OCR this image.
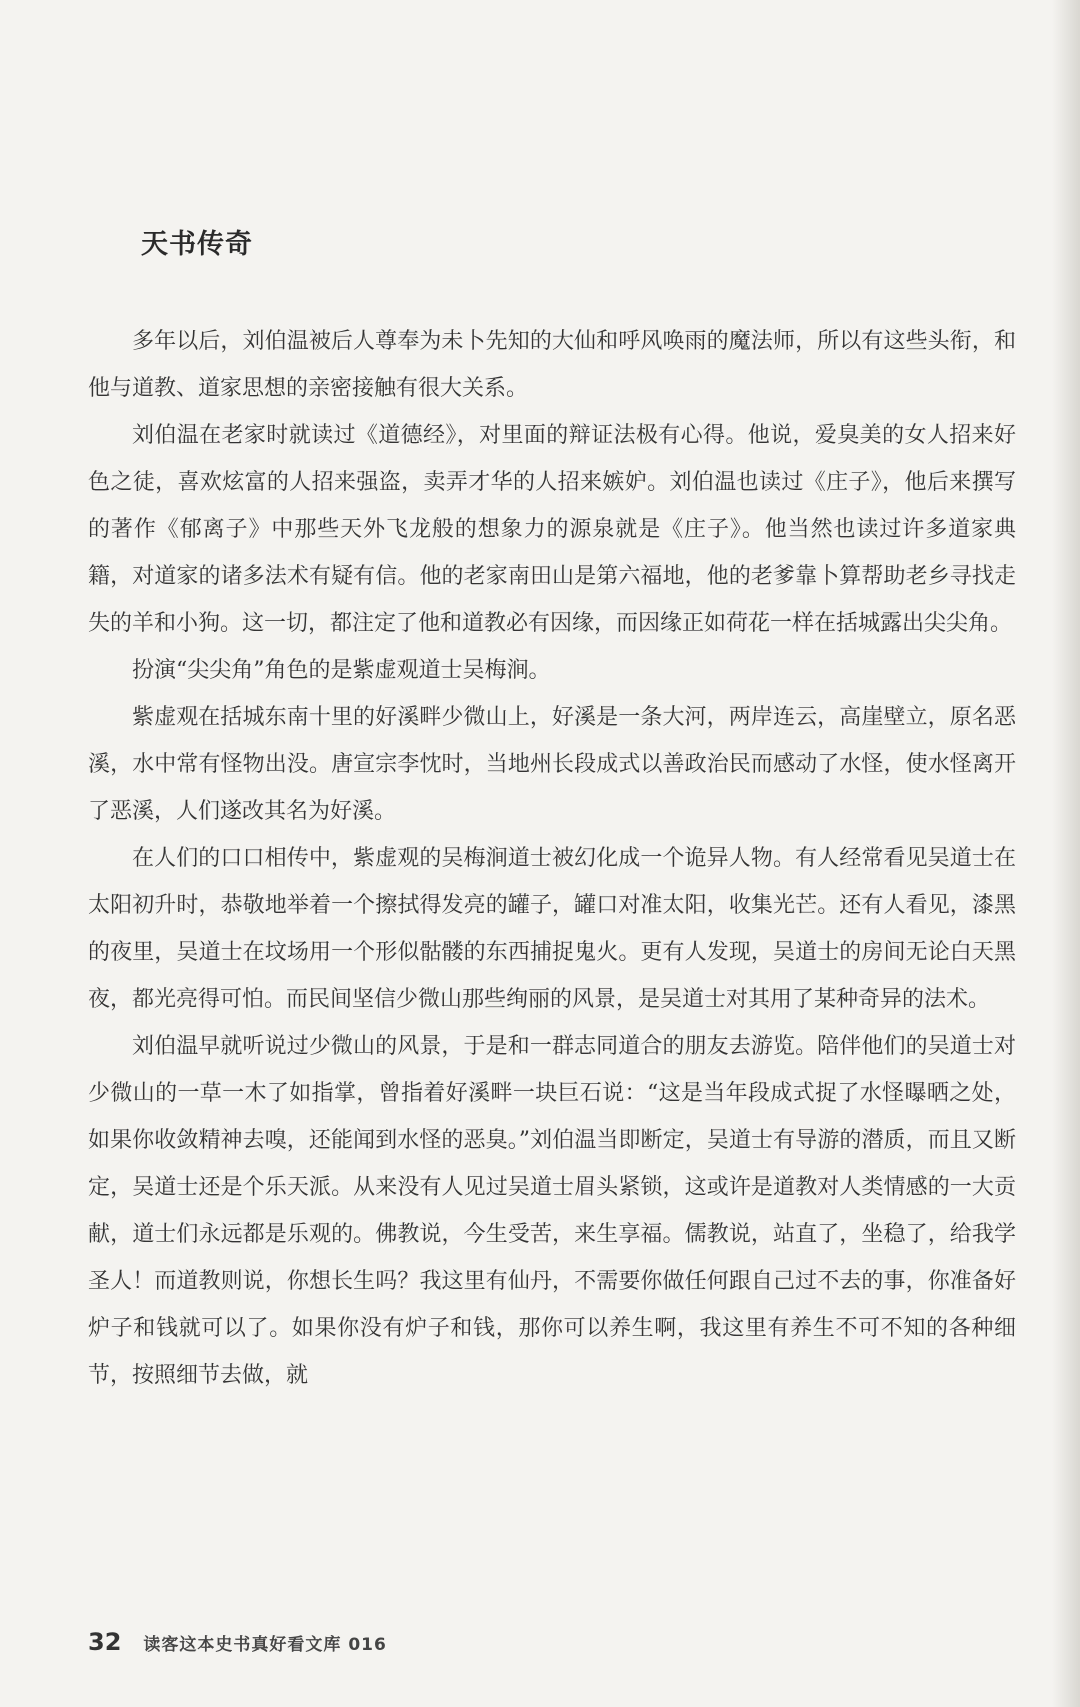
天书传奇

多年以后，刘伯温被后人尊奉为未卜先知的大仙和呼风唤雨的魔法师，所以有这些头衔，和他与道教、道家思想的亲密接触有很大关系。

刘伯温在老家时就读过《道德经》，对里面的辩证法极有心得。他说，爱臭美的女人招来好色之徒，喜欢炫富的人招来强盗，卖弄才华的人招来嫉妒。刘伯温也读过《庄子》，他后来撰写的著作《郁离子》中那些天外飞龙般的想象力的源泉就是《庄子》。他当然也读过许多道家典籍，对道家的诸多法术有疑有信。他的老家南田山是第六福地，他的老爹靠卜算帮助老乡寻找走失的羊和小狗。这一切，都注定了他和道教必有因缘，而因缘正如荷花一样在括城露出尖尖角。

扮演“尖尖角”角色的是紫虚观道士吴梅涧。

紫虚观在括城东南十里的好溪畔少微山上，好溪是一条大河，两岸连云，高崖壁立，原名恶溪，水中常有怪物出没。唐宣宗李忱时，当地州长段成式以善政治民而感动了水怪，使水怪离开了恶溪，人们遂改其名为好溪。

在人们的口口相传中，紫虚观的吴梅涧道士被幻化成一个诡异人物。有人经常看见吴道士在太阳初升时，恭敬地举着一个擦拭得发亮的罐子，罐口对准太阳，收集光芒。还有人看见，漆黑的夜里，吴道士在坟场用一个形似骷髅的东西捕捉鬼火。更有人发现，吴道士的房间无论白天黑夜，都光亮得可怕。而民间坚信少微山那些绚丽的风景，是吴道士对其用了某种奇异的法术。

刘伯温早就听说过少微山的风景，于是和一群志同道合的朋友去游览。陪伴他们的吴道士对少微山的一草一木了如指掌，曾指着好溪畔一块巨石说：“这是当年段成式捉了水怪曝晒之处，如果你收敛精神去嗅，还能闻到水怪的恶臭。”刘伯温当即断定，吴道士有导游的潜质，而且又断定，吴道士还是个乐天派。从来没有人见过吴道士眉头紧锁，这或许是道教对人类情感的一大贡献，道士们永远都是乐观的。佛教说，今生受苦，来生享福。儒教说，站直了，坐稳了，给我学圣人！而道教则说，你想长生吗？我这里有仙丹，不需要你做任何跟自己过不去的事，你准备好炉子和钱就可以了。如果你没有炉子和钱，那你可以养生啊，我这里有养生不可不知的各种细节，按照细节去做，就

32 读客这本史书真好看文库 016
